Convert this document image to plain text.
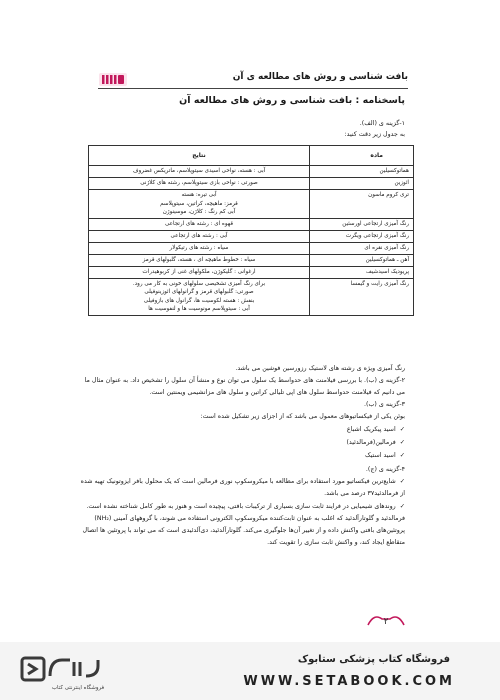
بافت شناسی و روش های مطالعه ی آن
پاسخنامه : بافت شناسی و روش های مطالعه آن
۱-گزینه ی (الف).
به جدول زیر دقت کنید:
ماده	نتایج
هماتوکسیلین	آبی : هسته، نواحی اسیدی سیتوپلاسم، ماتریکس غضروف

ائوزین	صورتی : نواحی بازی سیتوپلاسم، رشته های کلاژنی

تری کروم ماسون	آبی تیره: هسته
قرمز: ماهیچه، کراتین، سیتوپلاسم
آبی کم رنگ : کلاژن، موسینوژن

رنگ آمیزی ارتجاعی اورسئین	قهوه ای : رشته های ارتجاعی

رنگ آمیزی ارتجاعی ویگرت	آبی : رشته های ارتجاعی

رنگ آمیزی نقره ای	سیاه : رشته های رتیکولار

آهن ـ هماتوکسیلین	سیاه : خطوط ماهیچه ای ، هسته، گلبولهای قرمز

پریودیک اسیدشیف	ارغوانی : گلیکوژن، ملکولهای غنی از کربوهیدرات

رنگ آمیزی رایت و گیمسا	برای رنگ آمیزی تشخیصی سلولهای خونی به کار می رود.
صورتی: گلبولهای قرمز و گرانولهای ائوزینوفیلی
بنفش : هسته لکوسیت ها، گرانول های بازوفیلی
آبی : سیتوپلاسم مونوسیت ها و لنفوسیت ها
رنگ آمیزی ویژه ی رشته های لاستیک رزورسین فوشین می باشد.
۲-گزینه ی (ب). با بررسی فیلامنت های حدواسط یک سلول می توان نوع و منشأ آن سلول را تشخیص داد. به عنوان مثال ما
می دانیم که فیلامنت حدواسط سلول های اپی تلیالی کراتین و سلول های مزانشیمی ویمنتین است.
۳-گزینه ی (ب).
بوئن یکی از فیکساتیوهای معمول می باشد که از اجزای زیر تشکیل شده است:
✓اسید پیکریک اشباع
✓فرمالین(فرمالدئید)
✓اسید استیک
۴-گزینه ی (ج).
✓شایع‌ترین فیکساتیو مورد استفاده برای مطالعه با میکروسکوپ نوری فرمالین است که یک محلول بافر ایزوتونیک تهیه شده
از فرمالدئید۳۷ درصد می باشد.
✓روندهای شیمیایی در فرایند ثابت سازی بسیاری از ترکیبات بافتی، پیچیده است و هنوز به طور کامل شناخته نشده است.
فرمالدئید و گلوتارآلدئید که اغلب به عنوان ثابت‌کننده میکروسکوپ الکترونی استفاده می شوند، با گروههای آمینی (NH₂)
پروتئین‌های بافتی واکنش داده و از تغییر آن‌ها جلوگیری می‌کند. گلوتارآلدئید، دی‌آلدئیدی است که می تواند با پروتئین ها اتصال
متقاطع ایجاد کند، و واکنش ثابت سازی را تقویت کند.
۲
فروشگاه اینترنتی کتاب
فروشگاه کتاب پزشکی ستابوک
WWW.SETABOOK.COM
